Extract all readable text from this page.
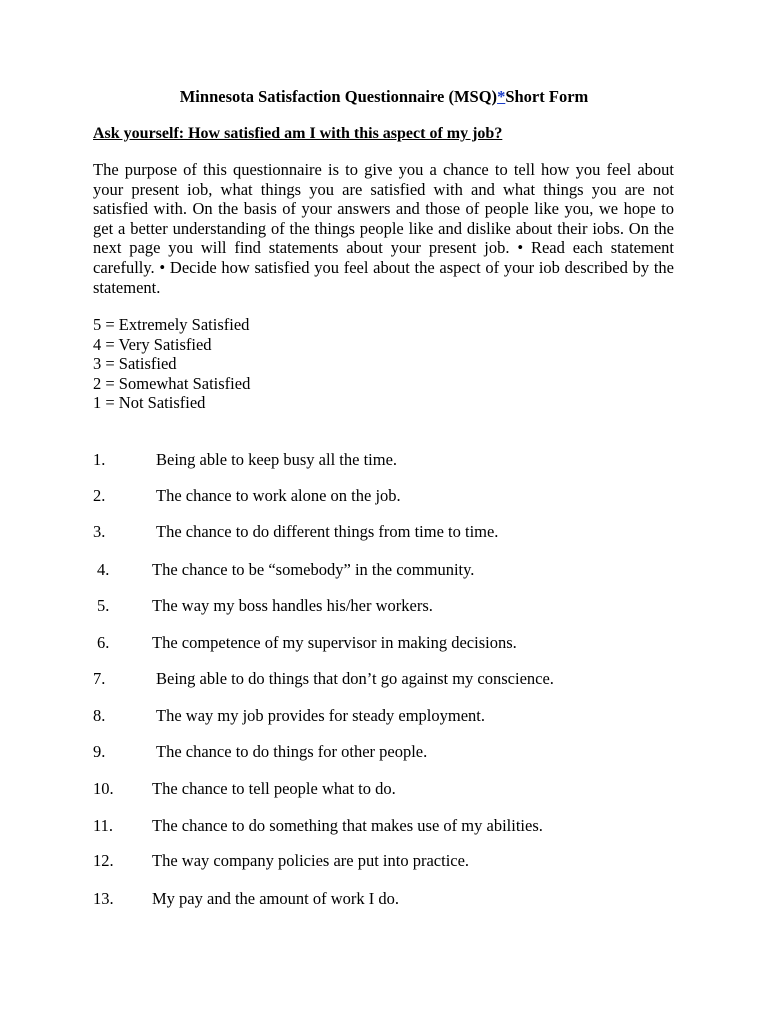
Minnesota Satisfaction Questionnaire (MSQ)*Short Form
Ask yourself: How satisfied am I with this aspect of my job?

The purpose of this questionnaire is to give you a chance to tell how you feel about your present iob, what things you are satisfied with and what things you are not satisfied with. On the basis of your answers and those of people like you, we hope to get a better understanding of the things people like and dislike about their iobs. On the next page you will find statements about your present job. • Read each statement carefully. • Decide how satisfied you feel about the aspect of your iob described by the statement.

5 = Extremely Satisfied
4 = Very Satisfied
3 = Satisfied
2 = Somewhat Satisfied
1 = Not Satisfied
1.	Being able to keep busy all the time.
2.	The chance to work alone on the job.
3.	The chance to do different things from time to time.
4.	The chance to be “somebody” in the community.
5.	The way my boss handles his/her workers.
6.	The competence of my supervisor in making decisions.
7.	Being able to do things that don’t go against my conscience.
8.	The way my job provides for steady employment.
9.	The chance to do things for other people.
10. The chance to tell people what to do.
11. The chance to do something that makes use of my abilities.
12. The way company policies are put into practice.
13. My pay and the amount of work I do.
